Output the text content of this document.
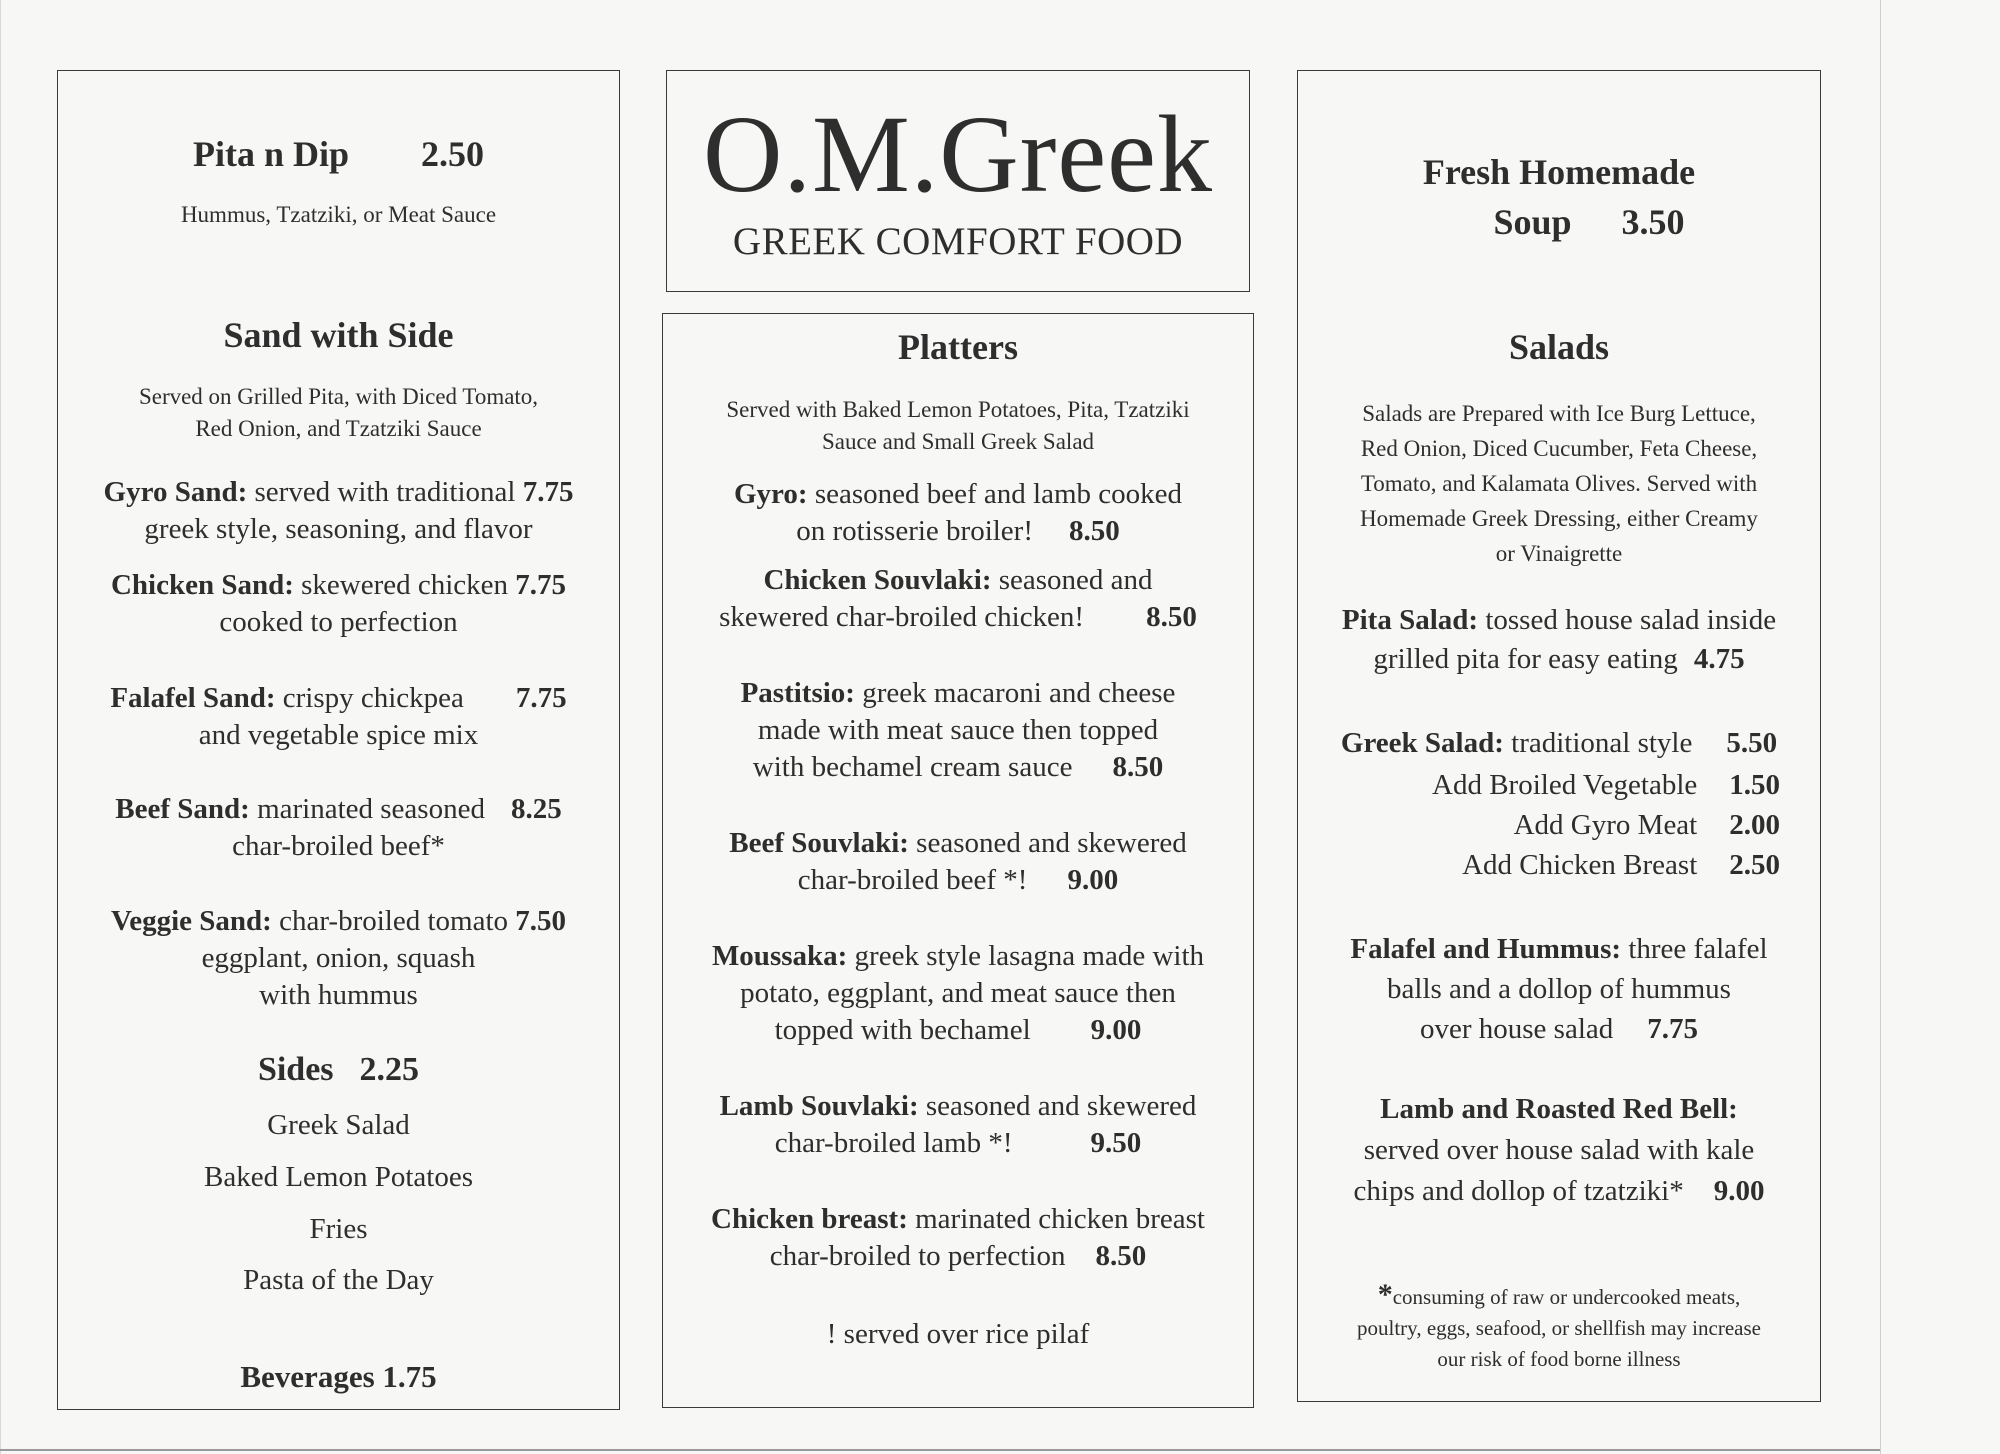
Pita n Dip 2.50
Hummus, Tzatziki, or Meat Sauce
Sand with Side
Served on Grilled Pita, with Diced Tomato,
Red Onion, and Tzatziki Sauce
Gyro Sand: served with traditional 7.75
greek style, seasoning, and flavor
Chicken Sand: skewered chicken 7.75
cooked to perfection
Falafel Sand: crispy chickpea 7.75
and vegetable spice mix
Beef Sand: marinated seasoned 8.25
char-broiled beef*
Veggie Sand: char-broiled tomato 7.50
eggplant, onion, squash
with hummus
Sides 2.25
Greek Salad
Baked Lemon Potatoes
Fries
Pasta of the Day
Beverages 1.75
O.M.Greek
GREEK COMFORT FOOD
Platters
Served with Baked Lemon Potatoes, Pita, Tzatziki
Sauce and Small Greek Salad
Gyro: seasoned beef and lamb cooked
on rotisserie broiler! 8.50
Chicken Souvlaki: seasoned and
skewered char-broiled chicken! 8.50
Pastitsio: greek macaroni and cheese
made with meat sauce then topped
with bechamel cream sauce 8.50
Beef Souvlaki: seasoned and skewered
char-broiled beef *! 9.00
Moussaka: greek style lasagna made with
potato, eggplant, and meat sauce then
topped with bechamel 9.00
Lamb Souvlaki: seasoned and skewered
char-broiled lamb *!	9.50
Chicken breast: marinated chicken breast
char-broiled to perfection 8.50
! served over rice pilaf
Fresh Homemade
Soup 3.50
Salads
Salads are Prepared with Ice Burg Lettuce,
Red Onion, Diced Cucumber, Feta Cheese,
Tomato, and Kalamata Olives. Served with
Homemade Greek Dressing, either Creamy
or Vinaigrette
Pita Salad: tossed house salad inside
grilled pita for easy eating 4.75
Greek Salad: traditional style 5.50
Add Broiled Vegetable 1.50
Add Gyro Meat 2.00
Add Chicken Breast 2.50
Falafel and Hummus: three falafel
balls and a dollop of hummus
over house salad 7.75
Lamb and Roasted Red Bell:
served over house salad with kale
chips and dollop of tzatziki* 9.00
*consuming of raw or undercooked meats,
poultry, eggs, seafood, or shellfish may increase
our risk of food borne illness
